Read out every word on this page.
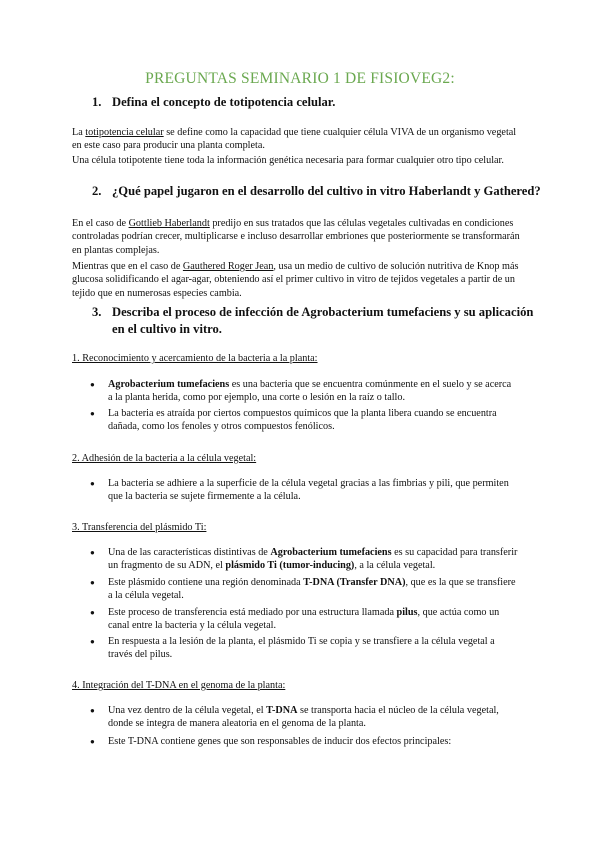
PREGUNTAS SEMINARIO 1 DE FISIOVEG2:
1. Defina el concepto de totipotencia celular.

La totipotencia celular se define como la capacidad que tiene cualquier célula VIVA de un organismo vegetal en este caso para producir una planta completa.

Una célula totipotente tiene toda la información genética necesaria para formar cualquier otro tipo celular.

2. ¿Qué papel jugaron en el desarrollo del cultivo in vitro Haberlandt y Gathered?

En el caso de Gottlieb Haberlandt predijo en sus tratados que las células vegetales cultivadas en condiciones controladas podrían crecer, multiplicarse e incluso desarrollar embriones que posteriormente se transformarán en plantas complejas.

Mientras que en el caso de Gauthered Roger Jean, usa un medio de cultivo de solución nutritiva de Knop más glucosa solidificando el agar-agar, obteniendo así el primer cultivo in vitro de tejidos vegetales a partir de un tejido que en numerosas especies cambia.

3. Describa el proceso de infección de Agrobacterium tumefaciens y su aplicación
en el cultivo in vitro.

1. Reconocimiento y acercamiento de la bacteria a la planta:

● Agrobacterium tumefaciens es una bacteria que se encuentra comúnmente en el suelo y se acerca a la planta herida, como por ejemplo, una corte o lesión en la raíz o tallo.

● La bacteria es atraída por ciertos compuestos químicos que la planta libera cuando se encuentra dañada, como los fenoles y otros compuestos fenólicos.

2. Adhesión de la bacteria a la célula vegetal:

● La bacteria se adhiere a la superficie de la célula vegetal gracias a las fimbrias y pili, que permiten que la bacteria se sujete firmemente a la célula.

3. Transferencia del plásmido Ti:

● Una de las características distintivas de Agrobacterium tumefaciens es su capacidad para transferir un fragmento de su ADN, el plásmido Ti (tumor-inducing), a la célula vegetal.

● Este plásmido contiene una región denominada T-DNA (Transfer DNA), que es la que se transfiere a la célula vegetal.

● Este proceso de transferencia está mediado por una estructura llamada pilus, que actúa como un canal entre la bacteria y la célula vegetal.

● En respuesta a la lesión de la planta, el plásmido Ti se copia y se transfiere a la célula vegetal a través del pilus.

4. Integración del T-DNA en el genoma de la planta:

● Una vez dentro de la célula vegetal, el T-DNA se transporta hacia el núcleo de la célula vegetal, donde se integra de manera aleatoria en el genoma de la planta.

● Este T-DNA contiene genes que son responsables de inducir dos efectos principales:
